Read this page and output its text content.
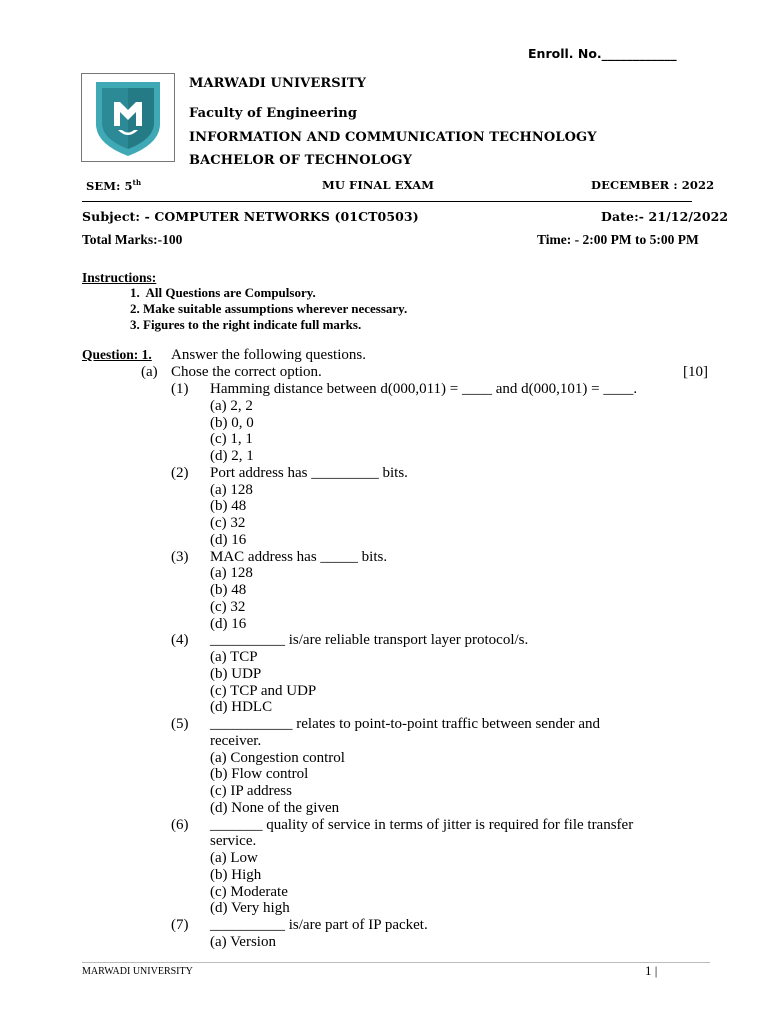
Enroll. No.____________
MARWADI UNIVERSITY
Faculty of Engineering
INFORMATION AND COMMUNICATION TECHNOLOGY
BACHELOR OF TECHNOLOGY
SEM: 5th	MU FINAL EXAM	DECEMBER : 2022
Subject: - COMPUTER NETWORKS (01CT0503)	Date:- 21/12/2022
Total Marks:-100	Time: - 2:00 PM to 5:00 PM
Instructions:
1. All Questions are Compulsory.
2. Make suitable assumptions wherever necessary.
3. Figures to the right indicate full marks.
Question: 1. Answer the following questions.
(a) Chose the correct option.	[10]
(1) Hamming distance between d(000,011) = ____ and d(000,101) = ____.
(a) 2, 2
(b) 0, 0
(c) 1, 1
(d) 2, 1
(2) Port address has _________ bits.
(a) 128
(b) 48
(c) 32
(d) 16
(3) MAC address has _____ bits.
(a) 128
(b) 48
(c) 32
(d) 16
(4) __________ is/are reliable transport layer protocol/s.
(a) TCP
(b) UDP
(c) TCP and UDP
(d) HDLC
(5) ___________ relates to point-to-point traffic between sender and
receiver.
(a) Congestion control
(b) Flow control
(c) IP address
(d) None of the given
(6) _______ quality of service in terms of jitter is required for file transfer
service.
(a) Low
(b) High
(c) Moderate
(d) Very high
(7) __________ is/are part of IP packet.
(a) Version
MARWADI UNIVERSITY	1 |
